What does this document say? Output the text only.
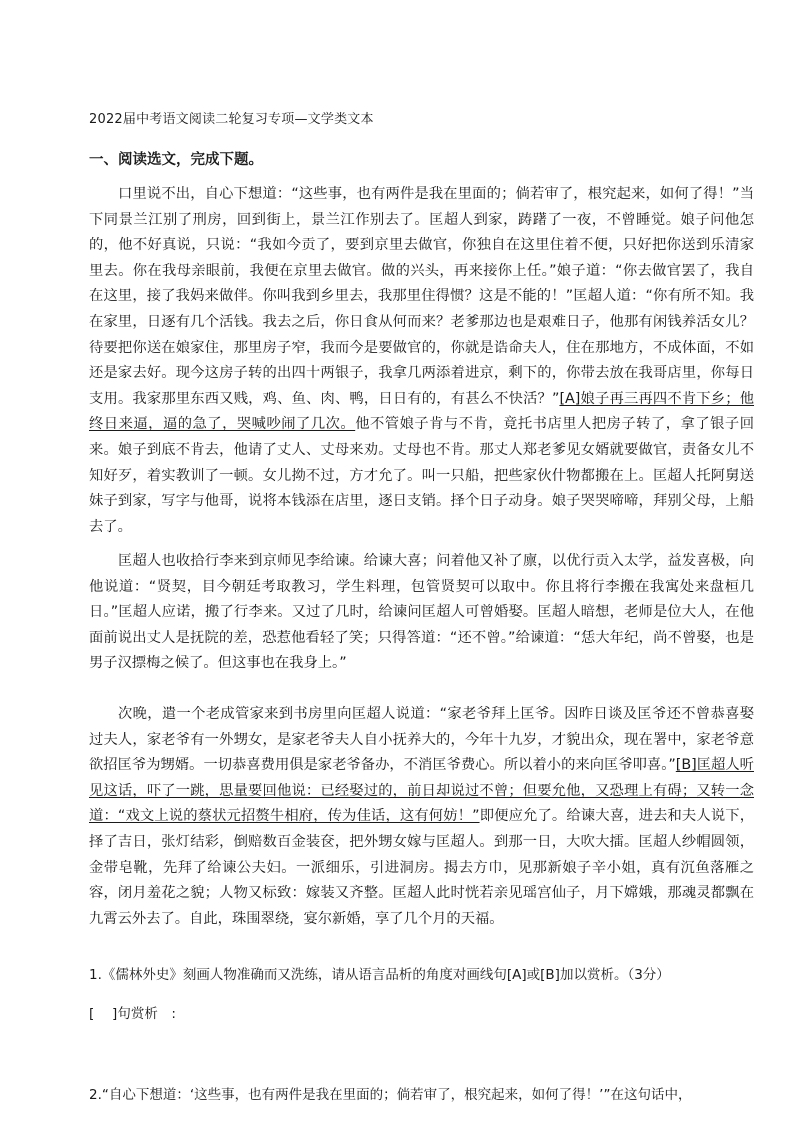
2022届中考语文阅读二轮复习专项—文学类文本
一、阅读选文，完成下题。

口里说不出，自心下想道：“这些事，也有两件是我在里面的；倘若审了，根究起来，如何了得！”当下同景兰江别了刑房，回到街上，景兰江作别去了。匡超人到家，踌躇了一夜，不曾睡觉。娘子问他怎的，他不好真说，只说：“我如今贡了，要到京里去做官，你独自在这里住着不便，只好把你送到乐清家里去。你在我母亲眼前，我便在京里去做官。做的兴头，再来接你上任。”娘子道：“你去做官罢了，我自在这里，接了我妈来做伴。你叫我到乡里去，我那里住得惯？这是不能的！”匡超人道：“你有所不知。我在家里，日逐有几个活钱。我去之后，你日食从何而来？老爹那边也是艰难日子，他那有闲钱养活女儿？待要把你送在娘家住，那里房子窄，我而今是要做官的，你就是诰命夫人，住在那地方，不成体面，不如还是家去好。现今这房子转的出四十两银子，我拿几两添着进京，剩下的，你带去放在我哥店里，你每日支用。我家那里东西又贱，鸡、鱼、肉、鸭，日日有的，有甚么不快活？”[A]娘子再三再四不肯下乡；他终日来逼，逼的急了，哭喊吵闹了几次。他不管娘子肯与不肯，竟托书店里人把房子转了，拿了银子回来。娘子到底不肯去，他请了丈人、丈母来劝。丈母也不肯。那丈人郑老爹见女婿就要做官，责备女儿不知好歹，着实教训了一顿。女儿拗不过，方才允了。叫一只船，把些家伙什物都搬在上。匡超人托阿舅送妹子到家，写字与他哥，说将本钱添在店里，逐日支销。择个日子动身。娘子哭哭啼啼，拜别父母，上船去了。

匡超人也收拾行李来到京师见李给谏。给谏大喜；问着他又补了廪，以优行贡入太学，益发喜极，向他说道：“贤契，目今朝廷考取教习，学生料理，包管贤契可以取中。你且将行李搬在我寓处来盘桓几日。”匡超人应诺，搬了行李来。又过了几时，给谏问匡超人可曾婚娶。匡超人暗想，老师是位大人，在他面前说出丈人是抚院的差，恐惹他看轻了笑；只得答道：“还不曾。”给谏道：“恁大年纪，尚不曾娶，也是男子汉摽梅之候了。但这事也在我身上。”

次晚，遣一个老成管家来到书房里向匡超人说道：“家老爷拜上匡爷。因昨日谈及匡爷还不曾恭喜娶过夫人，家老爷有一外甥女，是家老爷夫人自小抚养大的，今年十九岁，才貌出众，现在署中，家老爷意欲招匡爷为甥婿。一切恭喜费用俱是家老爷备办，不消匡爷费心。所以着小的来向匡爷叩喜。”[B]匡超人听见这话，吓了一跳，思量要回他说：已经娶过的，前日却说过不曾；但要允他，又恐理上有碍；又转一念道：“戏文上说的蔡状元招赘牛相府，传为佳话，这有何妨！”即便应允了。给谏大喜，进去和夫人说下，择了吉日，张灯结彩，倒赔数百金装奁，把外甥女嫁与匡超人。到那一日，大吹大擂。匡超人纱帽圆领，金带皂靴，先拜了给谏公夫妇。一派细乐，引进洞房。揭去方巾，见那新娘子辛小姐，真有沉鱼落雁之容，闭月羞花之貌；人物又标致：嫁装又齐整。匡超人此时恍若亲见瑶宫仙子，月下嫦娥，那魂灵都飘在九霄云外去了。自此，珠围翠绕，宴尔新婚，享了几个月的天福。

1.《儒林外史》刻画人物准确而又洗练，请从语言品析的角度对画线句[A]或[B]加以赏析。（3分）
[　 ]句赏析　:
2.“自心下想道：‘这些事，也有两件是我在里面的；倘若审了，根究起来，如何了得！’”在这句话中，
